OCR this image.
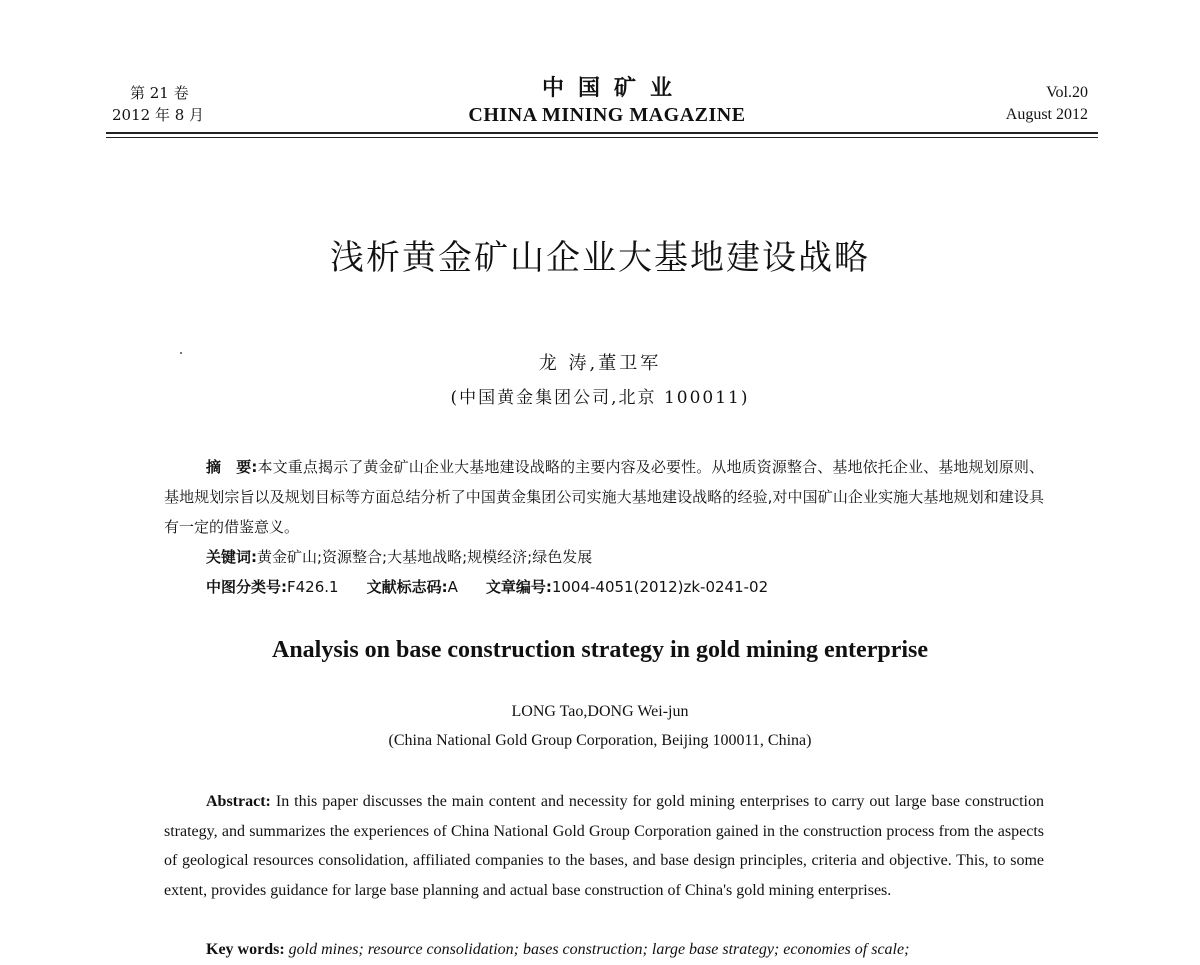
第 21 卷
2012 年 8 月
中国矿业
CHINA MINING MAGAZINE
Vol.20
August 2012
浅析黄金矿山企业大基地建设战略
龙 涛,董卫军
(中国黄金集团公司,北京 100011)
摘　要:本文重点揭示了黄金矿山企业大基地建设战略的主要内容及必要性。从地质资源整合、基地依托企业、基地规划原则、基地规划宗旨以及规划目标等方面总结分析了中国黄金集团公司实施大基地建设战略的经验,对中国矿山企业实施大基地规划和建设具有一定的借鉴意义。
关键词:黄金矿山;资源整合;大基地战略;规模经济;绿色发展
中图分类号:F426.1 文献标志码:A 文章编号:1004-4051(2012)zk-0241-02
Analysis on base construction strategy in gold mining enterprise
LONG Tao,DONG Wei-jun
(China National Gold Group Corporation, Beijing 100011, China)
Abstract: In this paper discusses the main content and necessity for gold mining enterprises to carry out large base construction strategy, and summarizes the experiences of China National Gold Group Corporation gained in the construction process from the aspects of geological resources consolidation, affiliated companies to the bases, and base design principles, criteria and objective. This, to some extent, provides guidance for large base planning and actual base construction of China's gold mining enterprises.
Key words: gold mines; resource consolidation; bases construction; large base strategy; economies of scale;
